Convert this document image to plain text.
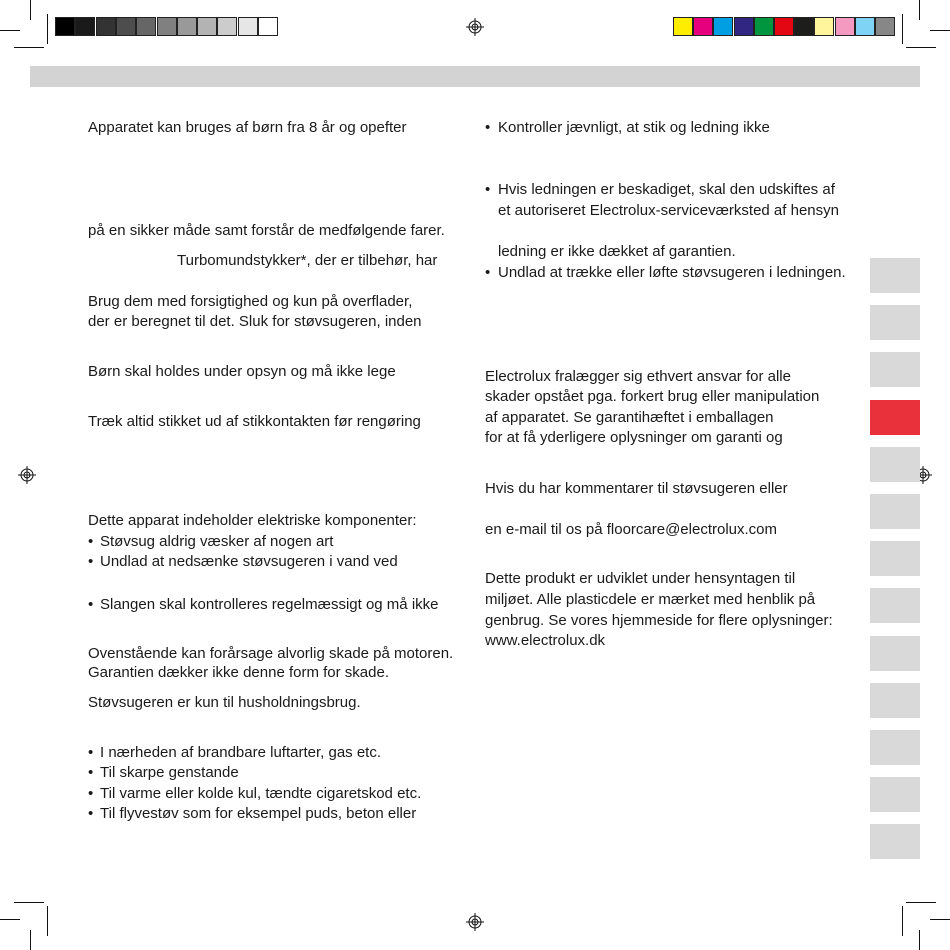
Apparatet kan bruges af børn fra 8 år og opefter
på en sikker måde samt forstår de medfølgende farer.
Turbomundstykker*, der er tilbehør, har
Brug dem med forsigtighed og kun på overflader,
der er beregnet til det. Sluk for støvsugeren, inden
Børn skal holdes under opsyn og må ikke lege
Træk altid stikket ud af stikkontakten før rengøring
Dette apparat indeholder elektriske komponenter:
• Støvsug aldrig væsker af nogen art
• Undlad at nedsænke støvsugeren i vand ved
• Slangen skal kontrolleres regelmæssigt og må ikke
Ovenstående kan forårsage alvorlig skade på motoren.
Garantien dækker ikke denne form for skade.
Støvsugeren er kun til husholdningsbrug.
• I nærheden af brandbare luftarter, gas etc.
• Til skarpe genstande
• Til varme eller kolde kul, tændte cigaretskod etc.
• Til flyvestøv som for eksempel puds, beton eller
• Kontroller jævnligt, at stik og ledning ikke
• Hvis ledningen er beskadiget, skal den udskiftes af
et autoriseret Electrolux-serviceværksted af hensyn
ledning er ikke dækket af garantien.
• Undlad at trække eller løfte støvsugeren i ledningen.
Electrolux fralægger sig ethvert ansvar for alle
skader opstået pga. forkert brug eller manipulation
af apparatet. Se garantihæftet i emballagen
for at få yderligere oplysninger om garanti og
Hvis du har kommentarer til støvsugeren eller
en e-mail til os på floorcare@electrolux.com
Dette produkt er udviklet under hensyntagen til
miljøet. Alle plasticdele er mærket med henblik på
genbrug. Se vores hjemmeside for flere oplysninger:
www.electrolux.dk
